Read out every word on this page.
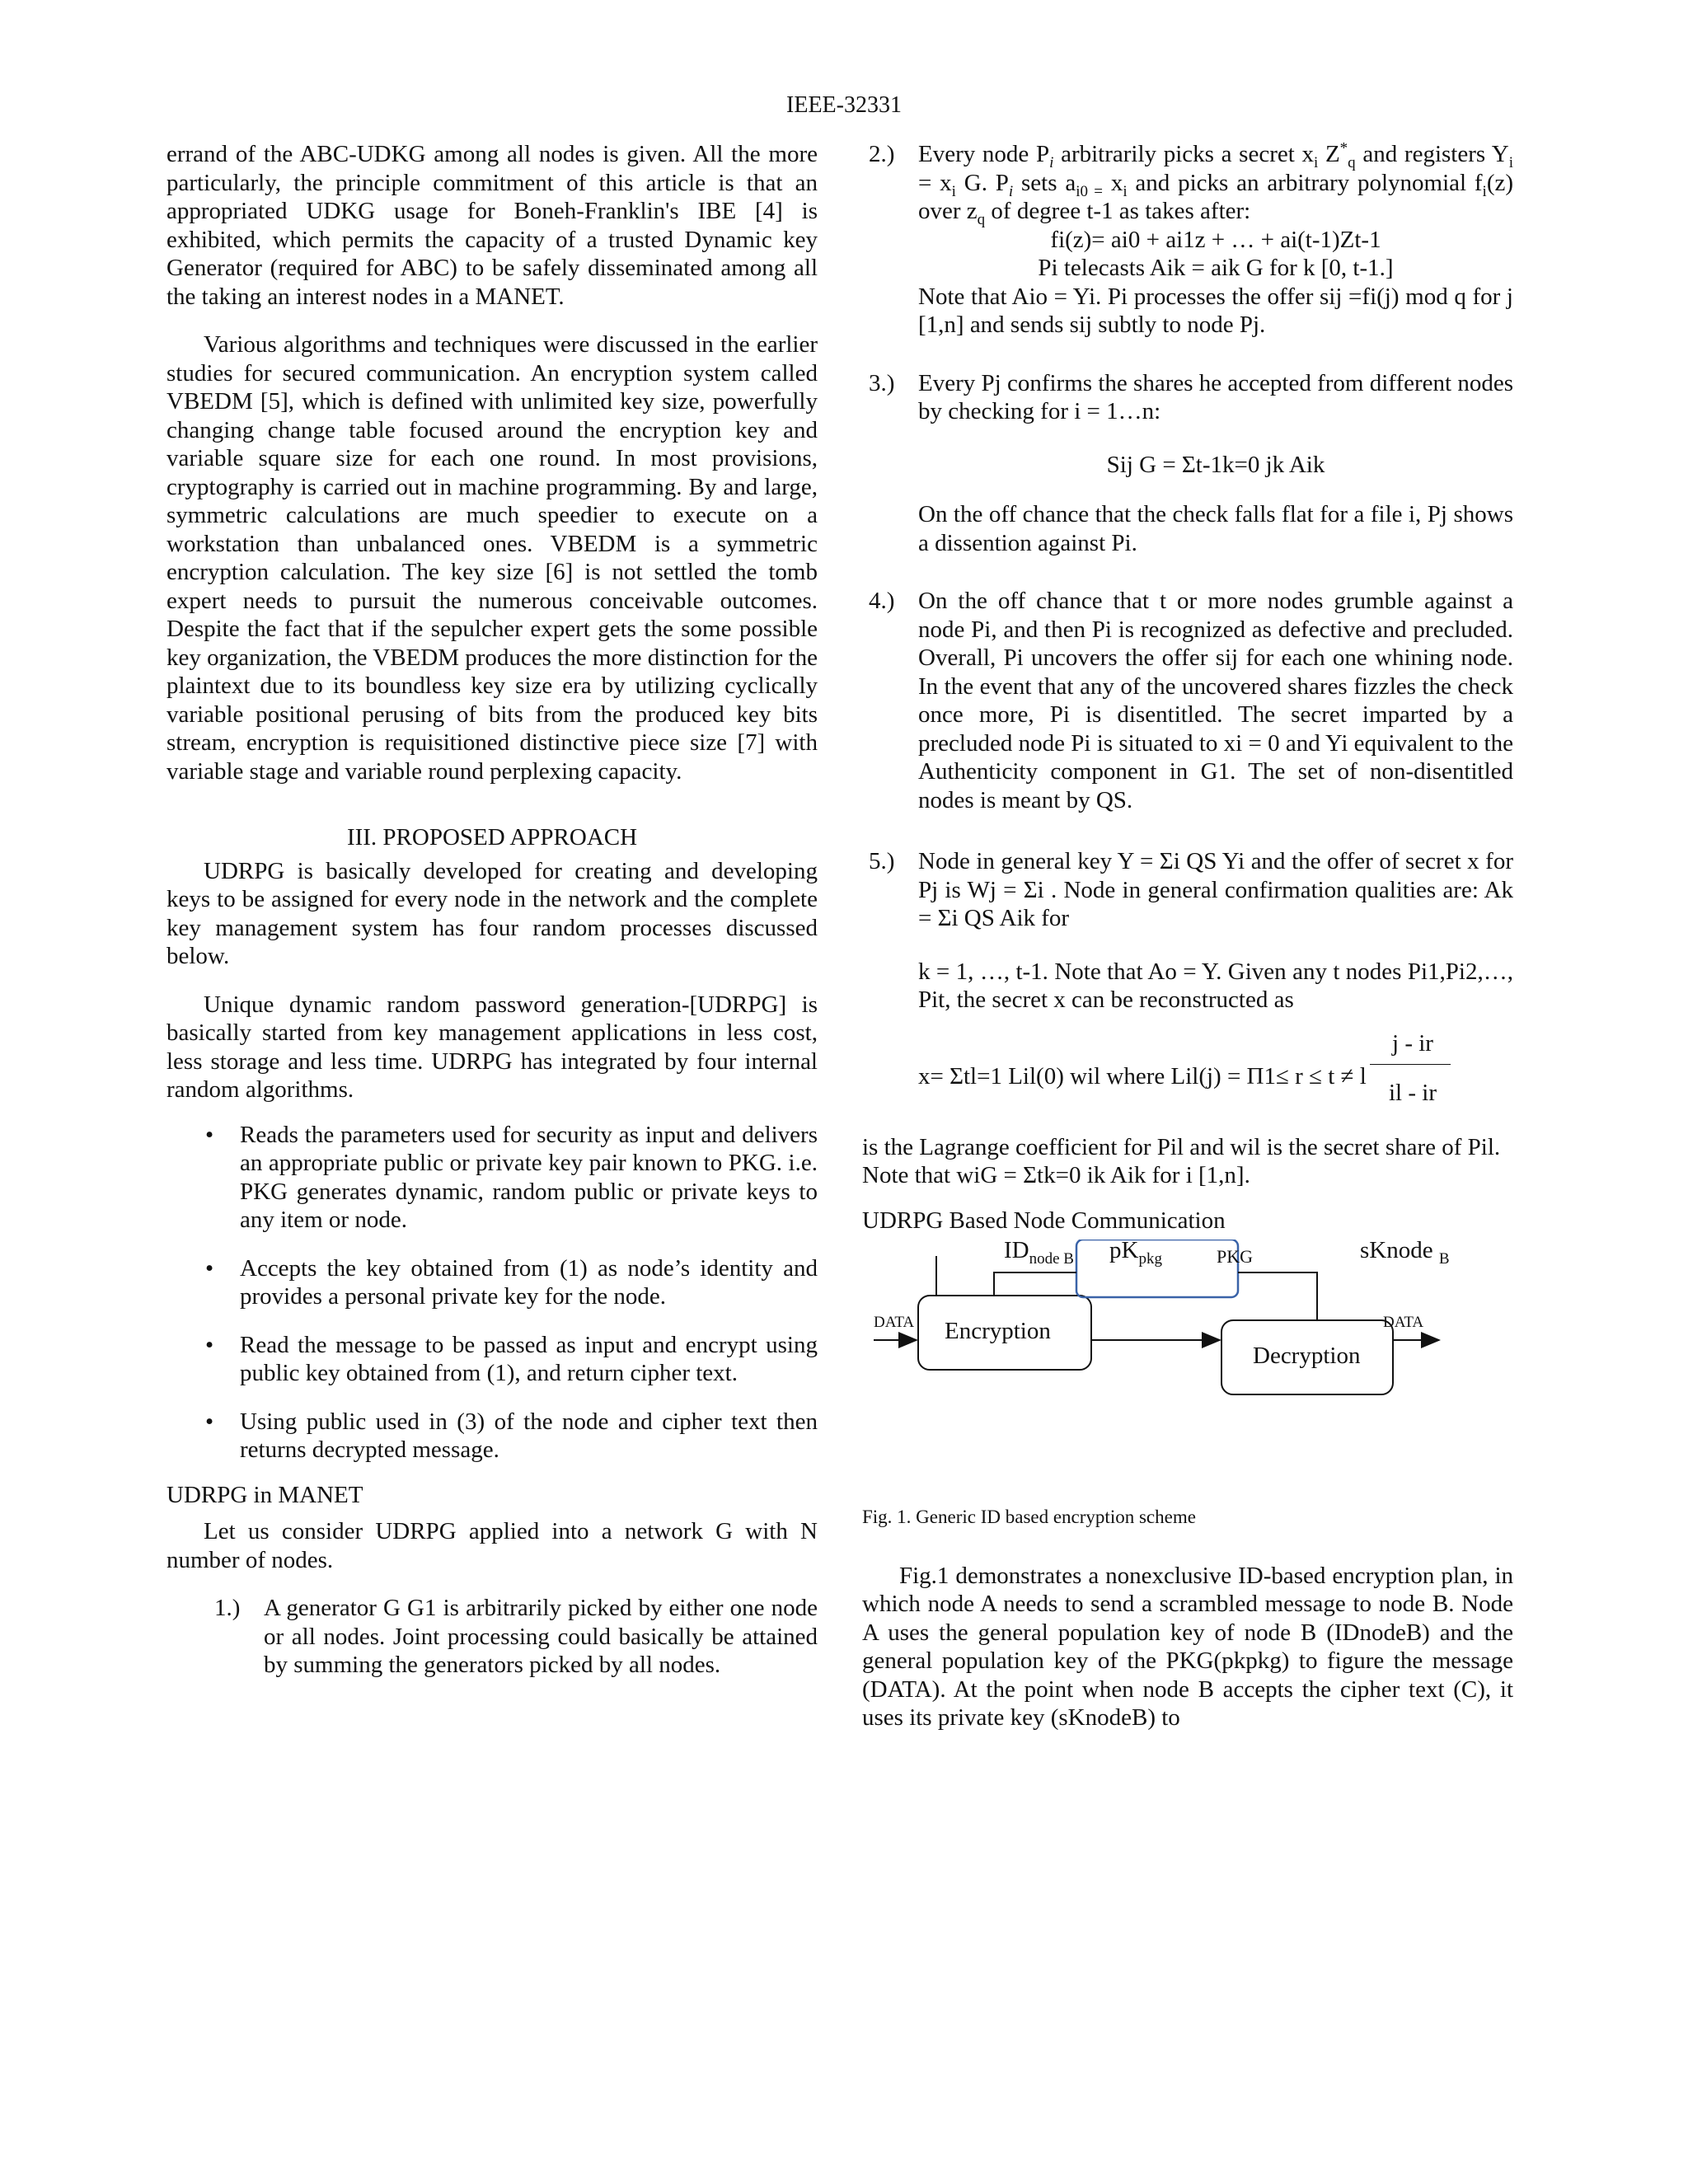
IEEE-32331

errand of the ABC-UDKG among all nodes is given. All the more particularly, the principle commitment of this article is that an appropriated UDKG usage for Boneh-Franklin's IBE [4] is exhibited, which permits the capacity of a trusted Dynamic key Generator (required for ABC) to be safely disseminated among all the taking an interest nodes in a MANET.

Various algorithms and techniques were discussed in the earlier studies for secured communication. An encryption system called VBEDM [5], which is defined with unlimited key size, powerfully changing change table focused around the encryption key and variable square size for each one round. In most provisions, cryptography is carried out in machine programming. By and large, symmetric calculations are much speedier to execute on a workstation than unbalanced ones. VBEDM is a symmetric encryption calculation. The key size [6] is not settled the tomb expert needs to pursuit the numerous conceivable outcomes. Despite the fact that if the sepulcher expert gets the some possible key organization, the VBEDM produces the more distinction for the plaintext due to its boundless key size era by utilizing cyclically variable positional perusing of bits from the produced key bits stream, encryption is requisitioned distinctive piece size [7] with variable stage and variable round perplexing capacity.

III. PROPOSED APPROACH

UDRPG is basically developed for creating and developing keys to be assigned for every node in the network and the complete key management system has four random processes discussed below.

Unique dynamic random password generation-[UDRPG] is basically started from key management applications in less cost, less storage and less time. UDRPG has integrated by four internal random algorithms.

• Reads the parameters used for security as input and delivers an appropriate public or private key pair known to PKG. i.e. PKG generates dynamic, random public or private keys to any item or node.
• Accepts the key obtained from (1) as node’s identity and provides a personal private key for the node.
• Read the message to be passed as input and encrypt using public key obtained from (1), and return cipher text.
• Using public used in (3) of the node and cipher text then returns decrypted message.
UDRPG in MANET

Let us consider UDRPG applied into a network G with N number of nodes.

1.) A generator G G1 is arbitrarily picked by either one node or all nodes. Joint processing could basically be attained by summing the generators picked by all nodes.
2.) Every node $P_i$ arbitrarily picks a secret $x_i$ $Z^*_q$ and registers $Y_i = x_i$ G. $P_i$ sets $a_{i0 =}$ $x_i$ and picks an arbitrary polynomial $f_i(z)$ over $z_q$ of degree t-1 as takes after:
fi(z)= ai0 + ai1z + … + ai(t-1)Zt-1
Pi telecasts Aik = aik G for k [0, t-1.]
Note that Aio = Yi. Pi processes the offer sij =fi(j) mod q for j [1,n] and sends sij subtly to node Pj.
3.) Every Pj confirms the shares he accepted from different nodes by checking for i = 1…n:
Sij G = Σt-1k=0 jk Aik
On the off chance that the check falls flat for a file i, Pj shows a dissention against Pi.
4.) On the off chance that t or more nodes grumble against a node Pi, and then Pi is recognized as defective and precluded. Overall, Pi uncovers the offer sij for each one whining node. In the event that any of the uncovered shares fizzles the check once more, Pi is disentitled. The secret imparted by a precluded node Pi is situated to xi = 0 and Yi equivalent to the Authenticity component in G1. The set of non-disentitled nodes is meant by QS.
5.) Node in general key Y = Σi QS Yi and the offer of secret x for Pj is Wj = Σi . Node in general confirmation qualities are: Ak = Σi QS Aik for
k = 1, …, t-1. Note that Ao = Y. Given any t nodes Pi1,Pi2,…, Pit, the secret x can be reconstructed as
x= Σtl=1 Lil(0) wil where Lil(j) = Π1≤ r ≤ t ≠ l
j - ir
il - ir

is the Lagrange coefficient for Pil and wil is the secret share of Pil.

Note that wiG = Σtk=0 ik Aik for i [1,n].

UDRPG Based Node Communication
$ID_{node B}$ $pK_{pkg}$	PKG	sKnode $_B$
DATA	DATA
Encryption
Decryption
Fig. 1. Generic ID based encryption scheme

Fig.1 demonstrates a nonexclusive ID-based encryption plan, in which node A needs to send a scrambled message to node B. Node A uses the general population key of node B (IDnodeB) and the general population key of the PKG(pkpkg) to figure the message (DATA). At the point when node B accepts the cipher text (C), it uses its private key (sKnodeB) to
